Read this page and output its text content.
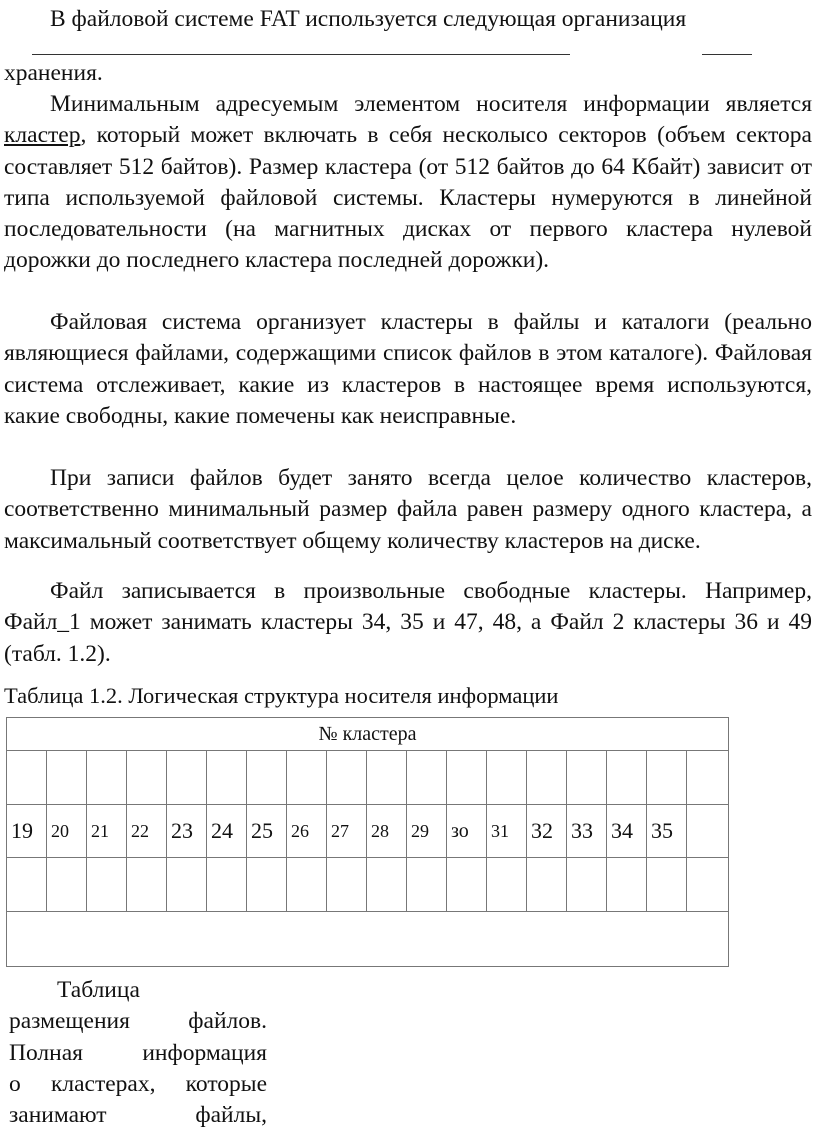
В файловой системе FAT используется следующая организация

хранения.

Минимальным адресуемым элементом носителя информации является кластер, который может включать в себя несколысо секторов (объем сектора составляет 512 байтов). Размер кластера (от 512 байтов до 64 Кбайт) зависит от типа используемой файловой системы. Кластеры нумеруются в линейной последовательности (на магнитных дисках от первого кластера нулевой дорожки до последнего кластера последней дорожки).

Файловая система организует кластеры в файлы и каталоги (реально являющиеся файлами, содержащими список файлов в этом каталоге). Файловая система отслеживает, какие из кластеров в настоящее время используются, какие свободны, какие помечены как неисправные.

При записи файлов будет занято всегда целое количество кластеров, соответственно минимальный размер файла равен размеру одного кластера, а максимальный соответствует общему количеству кластеров на диске.

Файл записывается в произвольные свободные кластеры. Например, Файл_1 может занимать кластеры 34, 35 и 47, 48, а Файл 2 кластеры 36 и 49 (табл. 1.2).

Таблица 1.2. Логическая структура носителя информации

№ кластера																	

19	20	21	22	23	24	25	26	27	28	29	зо	31	32	33	34	35	

Таблица
размещения файлов.
Полная информация
о кластерах, которые
занимают файлы,
